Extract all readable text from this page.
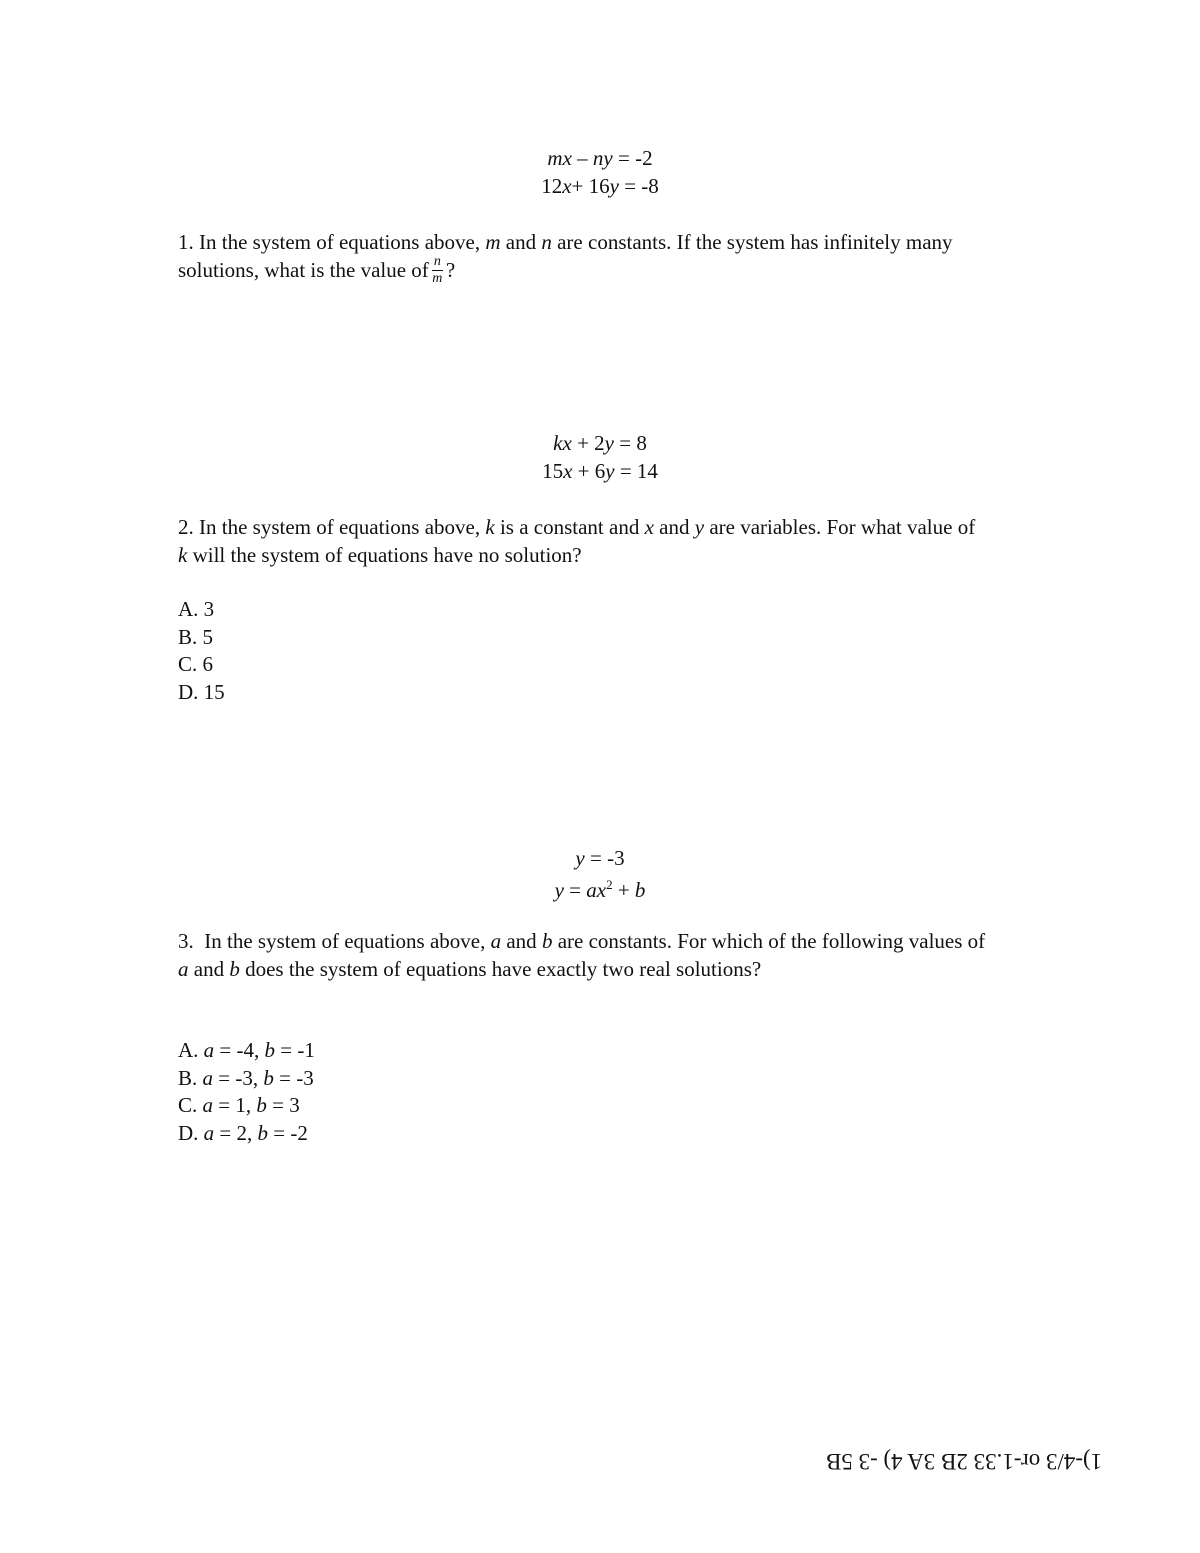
mx – ny = -2
12x+ 16y = -8

1. In the system of equations above, m and n are constants. If the system has infinitely many solutions, what is the value of $\frac{n}{m}$ ?

kx + 2y = 8
15x + 6y = 14

2. In the system of equations above, k is a constant and x and y are variables. For what value of k will the system of equations have no solution?

A. 3
B. 5
C. 6
D. 15
y = -3
$y = ax^2 + b$

3.  In the system of equations above, a and b are constants. For which of the following values of a and b does the system of equations have exactly two real solutions?

A. a = -4, b = -1
B. a = -3, b = -3
C. a = 1, b = 3
D. a = 2, b = -2
1)-4/3 or-1.33 2B 3A 4) -3 5B
